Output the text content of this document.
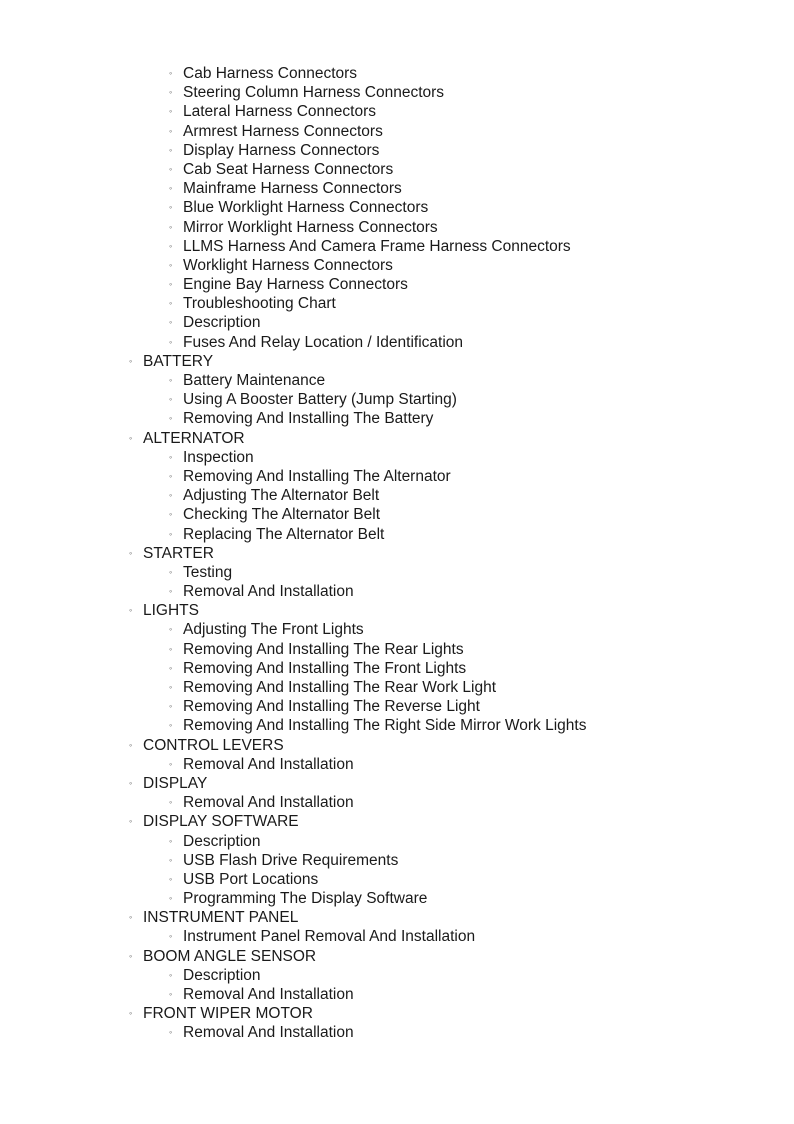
◦ Cab Harness Connectors
◦ Steering Column Harness Connectors
◦ Lateral Harness Connectors
◦ Armrest Harness Connectors
◦ Display Harness Connectors
◦ Cab Seat Harness Connectors
◦ Mainframe Harness Connectors
◦ Blue Worklight Harness Connectors
◦ Mirror Worklight Harness Connectors
◦ LLMS Harness And Camera Frame Harness Connectors
◦ Worklight Harness Connectors
◦ Engine Bay Harness Connectors
◦ Troubleshooting Chart
◦ Description
◦ Fuses And Relay Location / Identification
◦ BATTERY
◦ Battery Maintenance
◦ Using A Booster Battery (Jump Starting)
◦ Removing And Installing The Battery
◦ ALTERNATOR
◦ Inspection
◦ Removing And Installing The Alternator
◦ Adjusting The Alternator Belt
◦ Checking The Alternator Belt
◦ Replacing The Alternator Belt
◦ STARTER
◦ Testing
◦ Removal And Installation
◦ LIGHTS
◦ Adjusting The Front Lights
◦ Removing And Installing The Rear Lights
◦ Removing And Installing The Front Lights
◦ Removing And Installing The Rear Work Light
◦ Removing And Installing The Reverse Light
◦ Removing And Installing The Right Side Mirror Work Lights
◦ CONTROL LEVERS
◦ Removal And Installation
◦ DISPLAY
◦ Removal And Installation
◦ DISPLAY SOFTWARE
◦ Description
◦ USB Flash Drive Requirements
◦ USB Port Locations
◦ Programming The Display Software
◦ INSTRUMENT PANEL
◦ Instrument Panel Removal And Installation
◦ BOOM ANGLE SENSOR
◦ Description
◦ Removal And Installation
◦ FRONT WIPER MOTOR
◦ Removal And Installation
